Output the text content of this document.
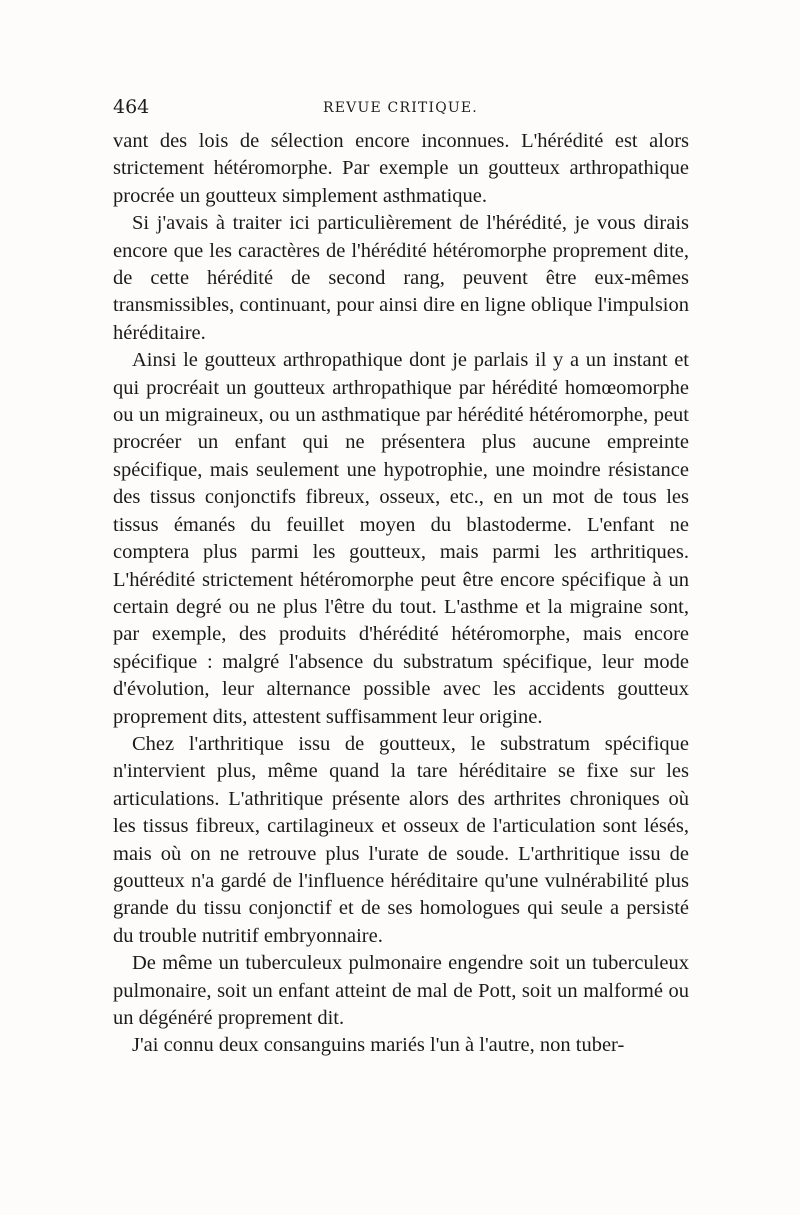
464	REVUE CRITIQUE.

vant des lois de sélection encore inconnues. L'hérédité est alors strictement hétéromorphe. Par exemple un goutteux arthropathique procrée un goutteux simplement asthmatique.

Si j'avais à traiter ici particulièrement de l'hérédité, je vous dirais encore que les caractères de l'hérédité hétéromorphe proprement dite, de cette hérédité de second rang, peuvent être eux-mêmes transmissibles, continuant, pour ainsi dire en ligne oblique l'impulsion héréditaire.

Ainsi le goutteux arthropathique dont je parlais il y a un instant et qui procréait un goutteux arthropathique par hérédité homœomorphe ou un migraineux, ou un asthmatique par hérédité hétéromorphe, peut procréer un enfant qui ne présentera plus aucune empreinte spécifique, mais seulement une hypotrophie, une moindre résistance des tissus conjonctifs fibreux, osseux, etc., en un mot de tous les tissus émanés du feuillet moyen du blastoderme. L'enfant ne comptera plus parmi les goutteux, mais parmi les arthritiques. L'hérédité strictement hétéromorphe peut être encore spécifique à un certain degré ou ne plus l'être du tout. L'asthme et la migraine sont, par exemple, des produits d'hérédité hétéromorphe, mais encore spécifique : malgré l'absence du substratum spécifique, leur mode d'évolution, leur alternance possible avec les accidents goutteux proprement dits, attestent suffisamment leur origine.

Chez l'arthritique issu de goutteux, le substratum spécifique n'intervient plus, même quand la tare héréditaire se fixe sur les articulations. L'athritique présente alors des arthrites chroniques où les tissus fibreux, cartilagineux et osseux de l'articulation sont lésés, mais où on ne retrouve plus l'urate de soude. L'arthritique issu de goutteux n'a gardé de l'influence héréditaire qu'une vulnérabilité plus grande du tissu conjonctif et de ses homologues qui seule a persisté du trouble nutritif embryonnaire.

De même un tuberculeux pulmonaire engendre soit un tuberculeux pulmonaire, soit un enfant atteint de mal de Pott, soit un malformé ou un dégénéré proprement dit.

J'ai connu deux consanguins mariés l'un à l'autre, non tuber-
